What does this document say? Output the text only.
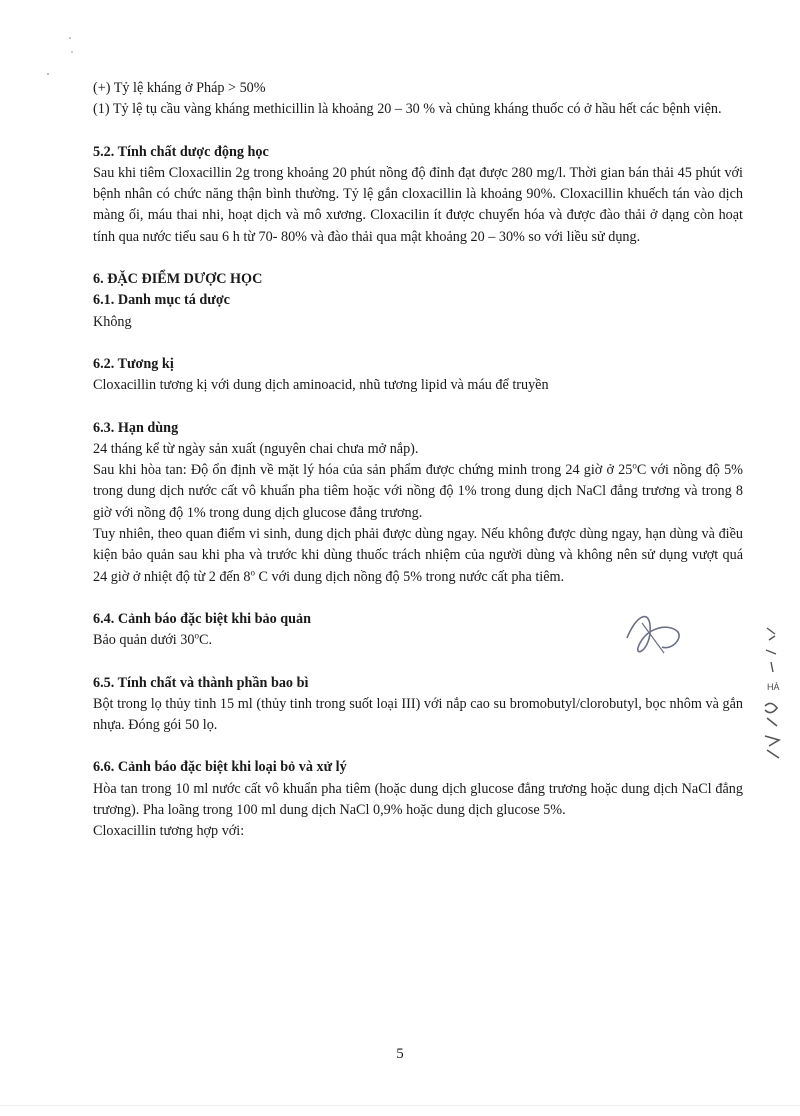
(+) Tỷ lệ kháng ở Pháp > 50%

(1) Tỷ lệ tụ cầu vàng kháng methicillin là khoảng 20 – 30 % và chủng kháng thuốc có ở hầu hết các bệnh viện.

5.2. Tính chất dược động học

Sau khi tiêm Cloxacillin 2g trong khoảng 20 phút nồng độ đỉnh đạt được 280 mg/l. Thời gian bán thải 45 phút với bệnh nhân có chức năng thận bình thường. Tỷ lệ gắn cloxacillin là khoảng 90%. Cloxacillin khuếch tán vào dịch màng ối, máu thai nhi, hoạt dịch và mô xương. Cloxacilin ít được chuyển hóa và được đào thải ở dạng còn hoạt tính qua nước tiểu sau 6 h từ 70- 80% và đào thải qua mật khoảng 20 – 30% so với liều sử dụng.

6. ĐẶC ĐIỂM DƯỢC HỌC

6.1. Danh mục tá dược

Không

6.2. Tương kị

Cloxacillin tương kị với dung dịch aminoacid, nhũ tương lipid và máu để truyền

6.3. Hạn dùng

24 tháng kể từ ngày sản xuất (nguyên chai chưa mở nắp).

Sau khi hòa tan: Độ ổn định về mặt lý hóa của sản phẩm được chứng minh trong 24 giờ ở 25$^o$C với nồng độ 5% trong dung dịch nước cất vô khuẩn pha tiêm hoặc với nồng độ 1% trong dung dịch NaCl đẳng trương và trong 8 giờ với nồng độ 1% trong dung dịch glucose đẳng trương.

Tuy nhiên, theo quan điểm vi sinh, dung dịch phải được dùng ngay. Nếu không được dùng ngay, hạn dùng và điều kiện bảo quản sau khi pha và trước khi dùng thuốc trách nhiệm của người dùng và không nên sử dụng vượt quá 24 giờ ở nhiệt độ từ 2 đến 8$^o$ C với dung dịch nồng độ 5% trong nước cất pha tiêm.

6.4. Cảnh báo đặc biệt khi bảo quản

Bảo quản dưới 30$^o$C.

6.5. Tính chất và thành phần bao bì

Bột trong lọ thủy tinh 15 ml (thủy tinh trong suốt loại III) với nắp cao su bromobutyl/clorobutyl, bọc nhôm và gắn nhựa. Đóng gói 50 lọ.

6.6. Cảnh báo đặc biệt khi loại bỏ và xử lý

Hòa tan trong 10 ml nước cất vô khuẩn pha tiêm (hoặc dung dịch glucose đẳng trương hoặc dung dịch NaCl đẳng trương). Pha loãng trong 100 ml dung dịch NaCl 0,9% hoặc dung dịch glucose 5%.

Cloxacillin tương hợp với:

5
HÀ
